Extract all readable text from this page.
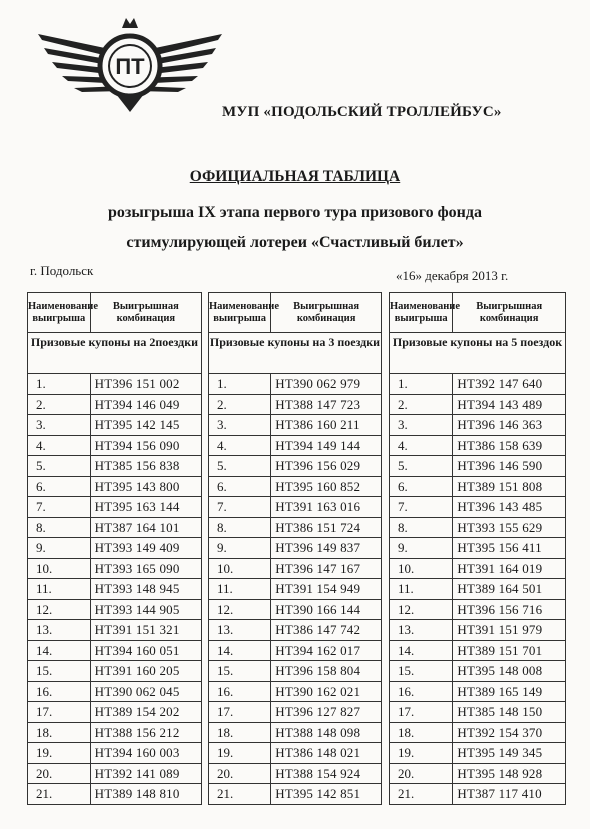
ПТ
МУП «ПОДОЛЬСКИЙ ТРОЛЛЕЙБУС»
ОФИЦИАЛЬНАЯ ТАБЛИЦА
розыгрыша IX этапа первого тура призового фонда
стимулирующей лотереи «Счастливый билет»
г. Подольск	«16» декабря 2013 г.
Наименование выигрыша	Выигрышная комбинация
Призовые купоны на 2поездки	
1.	НТ396 151 002
2.	НТ394 146 049
3.	НТ395 142 145
4.	НТ394 156 090
5.	НТ385 156 838
6.	НТ395 143 800
7.	НТ395 163 144
8.	НТ387 164 101
9.	НТ393 149 409
10.	НТ393 165 090
11.	НТ393 148 945
12.	НТ393 144 905
13.	НТ391 151 321
14.	НТ394 160 051
15.	НТ391 160 205
16.	НТ390 062 045
17.	НТ389 154 202
18.	НТ388 156 212
19.	НТ394 160 003
20.	НТ392 141 089
21.	НТ389 148 810
Наименование выигрыша	Выигрышная комбинация
Призовые купоны на 3 поездки	
1.	НТ390 062 979
2.	НТ388 147 723
3.	НТ386 160 211
4.	НТ394 149 144
5.	НТ396 156 029
6.	НТ395 160 852
7.	НТ391 163 016
8.	НТ386 151 724
9.	НТ396 149 837
10.	НТ396 147 167
11.	НТ391 154 949
12.	НТ390 166 144
13.	НТ386 147 742
14.	НТ394 162 017
15.	НТ396 158 804
16.	НТ390 162 021
17.	НТ396 127 827
18.	НТ388 148 098
19.	НТ386 148 021
20.	НТ388 154 924
21.	НТ395 142 851
Наименование выигрыша	Выигрышная комбинация
Призовые купоны на 5 поездок	
1.	НТ392 147 640
2.	НТ394 143 489
3.	НТ396 146 363
4.	НТ386 158 639
5.	НТ396 146 590
6.	НТ389 151 808
7.	НТ396 143 485
8.	НТ393 155 629
9.	НТ395 156 411
10.	НТ391 164 019
11.	НТ389 164 501
12.	НТ396 156 716
13.	НТ391 151 979
14.	НТ389 151 701
15.	НТ395 148 008
16.	НТ389 165 149
17.	НТ385 148 150
18.	НТ392 154 370
19.	НТ395 149 345
20.	НТ395 148 928
21.	НТ387 117 410
